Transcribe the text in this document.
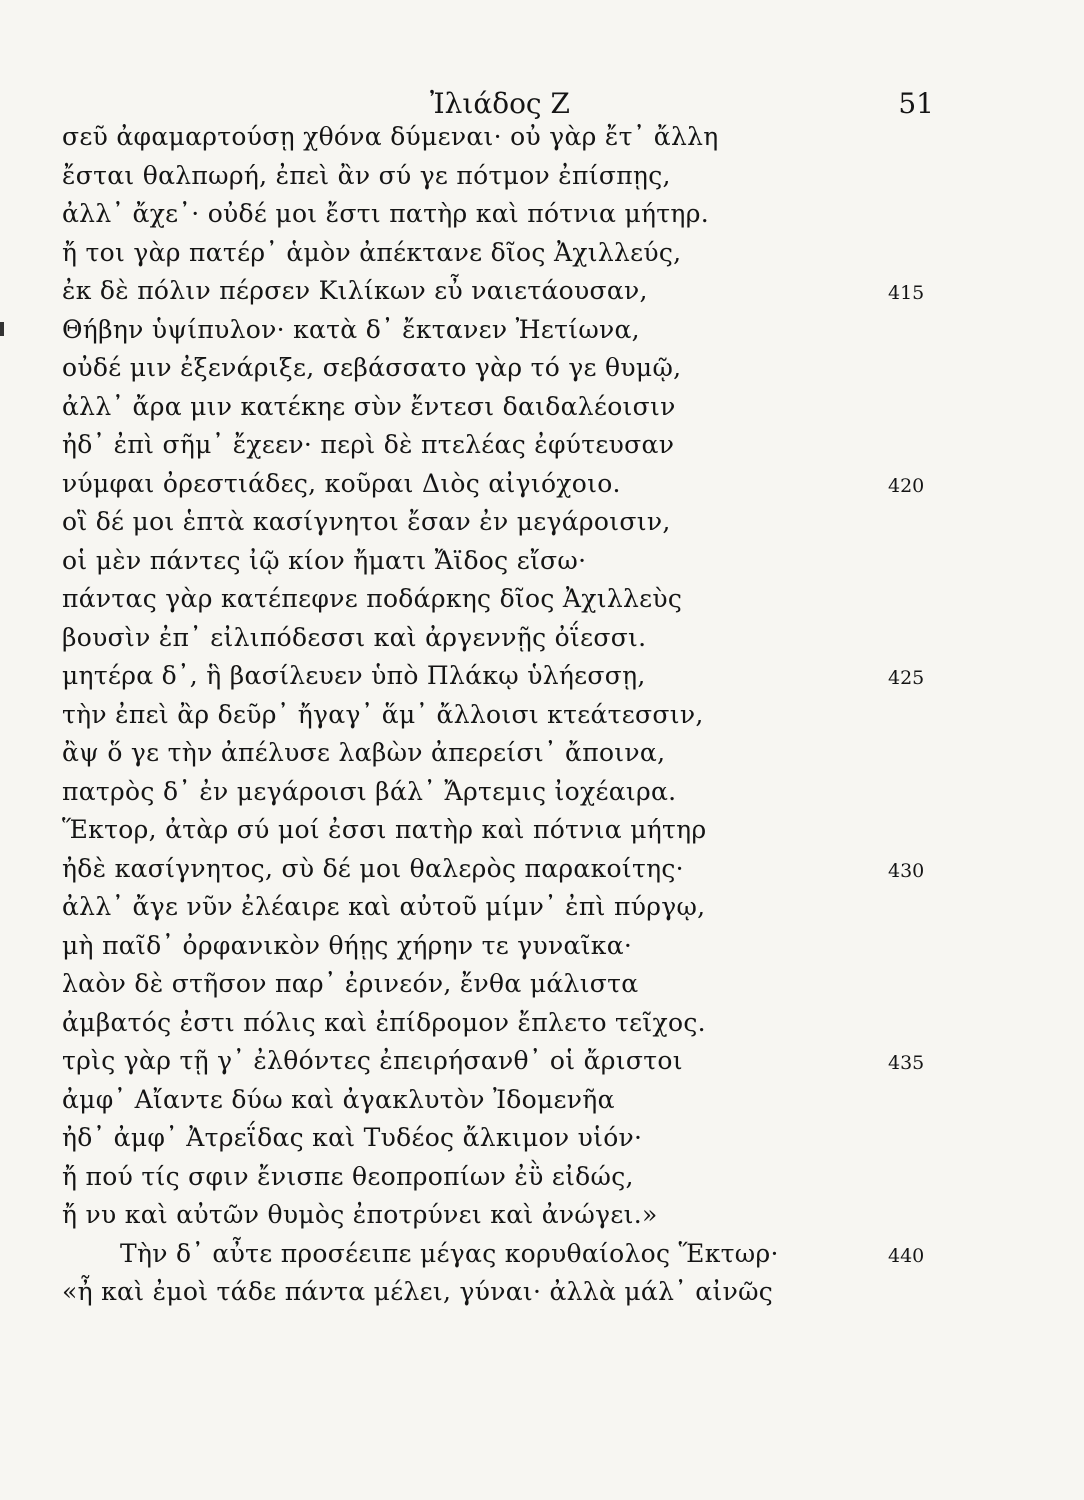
Ἰλιάδος Ζ	51
σεῦ ἀφαμαρτούσῃ χθόνα δύμεναι· οὐ γὰρ ἔτ᾽ ἄλλη
ἔσται θαλπωρή, ἐπεὶ ἂν σύ γε πότμον ἐπίσπῃς,
ἀλλ᾽ ἄχε᾽· οὐδέ μοι ἔστι πατὴρ καὶ πότνια μήτηρ.
ἤ τοι γὰρ πατέρ᾽ ἁμὸν ἀπέκτανε δῖος Ἀχιλλεύς,
ἐκ δὲ πόλιν πέρσεν Κιλίκων εὖ ναιετάουσαν,	415
Θήβην ὑψίπυλον· κατὰ δ᾽ ἔκτανεν Ἠετίωνα,
οὐδέ μιν ἐξενάριξε, σεβάσσατο γὰρ τό γε θυμῷ,
ἀλλ᾽ ἄρα μιν κατέκηε σὺν ἔντεσι δαιδαλέοισιν
ἠδ᾽ ἐπὶ σῆμ᾽ ἔχεεν· περὶ δὲ πτελέας ἐφύτευσαν
νύμφαι ὀρεστιάδες, κοῦραι Διὸς αἰγιόχοιο.	420
οἳ δέ μοι ἑπτὰ κασίγνητοι ἔσαν ἐν μεγάροισιν,
οἱ μὲν πάντες ἰῷ κίον ἤματι Ἄϊδος εἴσω·
πάντας γὰρ κατέπεφνε ποδάρκης δῖος Ἀχιλλεὺς
βουσὶν ἐπ᾽ εἰλιπόδεσσι καὶ ἀργεννῇς ὀΐεσσι.
μητέρα δ᾽, ἣ βασίλευεν ὑπὸ Πλάκῳ ὑλήεσσῃ,	425
τὴν ἐπεὶ ἂρ δεῦρ᾽ ἤγαγ᾽ ἅμ᾽ ἄλλοισι κτεάτεσσιν,
ἂψ ὅ γε τὴν ἀπέλυσε λαβὼν ἀπερείσι᾽ ἄποινα,
πατρὸς δ᾽ ἐν μεγάροισι βάλ᾽ Ἄρτεμις ἰοχέαιρα.
Ἕκτορ, ἀτὰρ σύ μοί ἐσσι πατὴρ καὶ πότνια μήτηρ
ἠδὲ κασίγνητος, σὺ δέ μοι θαλερὸς παρακοίτης·	430
ἀλλ᾽ ἄγε νῦν ἐλέαιρε καὶ αὐτοῦ μίμν᾽ ἐπὶ πύργῳ,
μὴ παῖδ᾽ ὀρφανικὸν θήῃς χήρην τε γυναῖκα·
λαὸν δὲ στῆσον παρ᾽ ἐρινεόν, ἔνθα μάλιστα
ἀμβατός ἐστι πόλις καὶ ἐπίδρομον ἔπλετο τεῖχος.
τρὶς γὰρ τῇ γ᾽ ἐλθόντες ἐπειρήσανθ᾽ οἱ ἄριστοι	435
ἀμφ᾽ Αἴαντε δύω καὶ ἀγακλυτὸν Ἰδομενῆα
ἠδ᾽ ἀμφ᾽ Ἀτρεΐδας καὶ Τυδέος ἄλκιμον υἱόν·
ἤ πού τίς σφιν ἔνισπε θεοπροπίων ἐῢ εἰδώς,
ἤ νυ καὶ αὐτῶν θυμὸς ἐποτρύνει καὶ ἀνώγει.»
Τὴν δ᾽ αὖτε προσέειπε μέγας κορυθαίολος Ἕκτωρ·	440
«ἦ καὶ ἐμοὶ τάδε πάντα μέλει, γύναι· ἀλλὰ μάλ᾽ αἰνῶς
